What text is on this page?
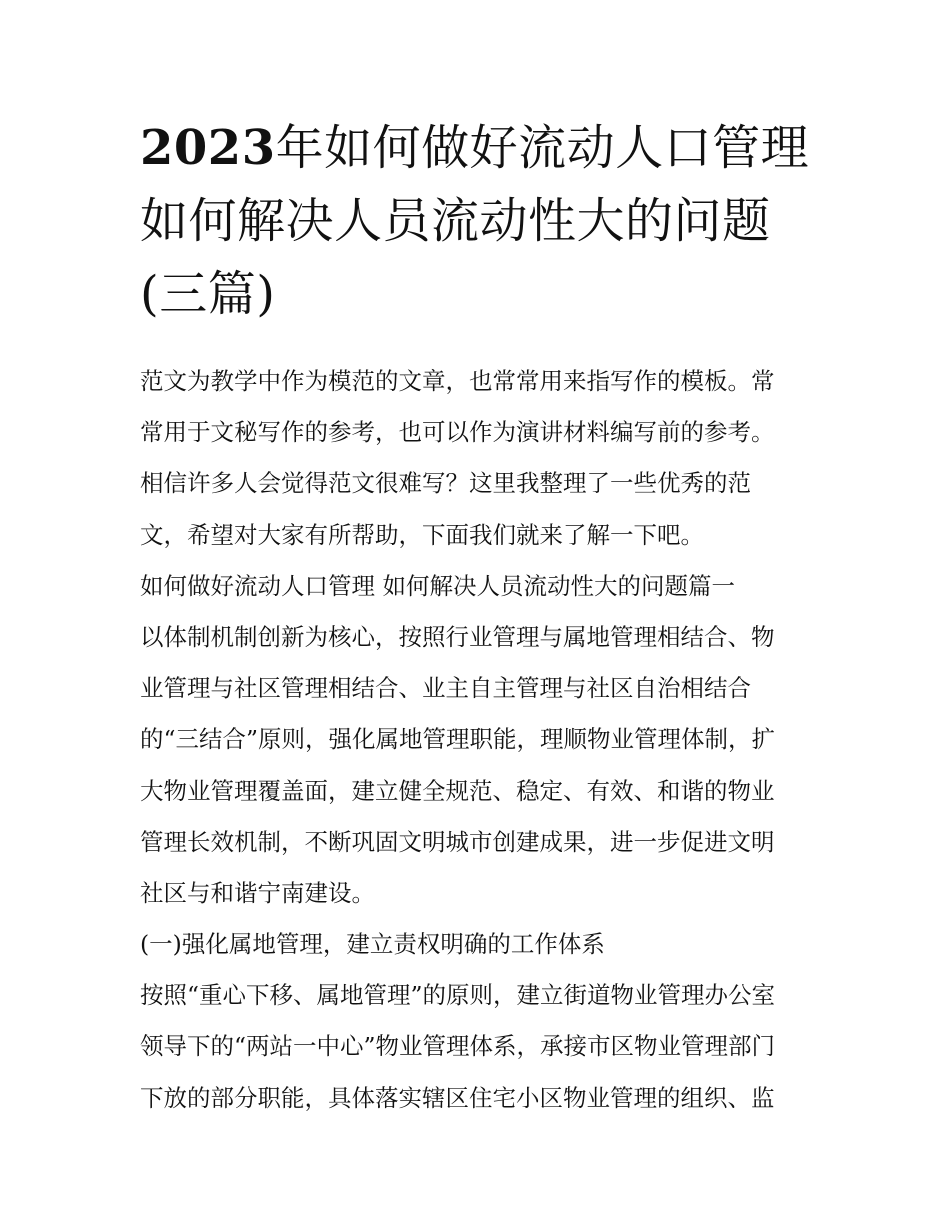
2023年如何做好流动人口管理
如何解决人员流动性大的问题
(三篇)
范文为教学中作为模范的文章，也常常用来指写作的模板。常
常用于文秘写作的参考，也可以作为演讲材料编写前的参考。
相信许多人会觉得范文很难写？这里我整理了一些优秀的范
文，希望对大家有所帮助，下面我们就来了解一下吧。
如何做好流动人口管理 如何解决人员流动性大的问题篇一
以体制机制创新为核心，按照行业管理与属地管理相结合、物
业管理与社区管理相结合、业主自主管理与社区自治相结合
的“三结合”原则，强化属地管理职能，理顺物业管理体制，扩
大物业管理覆盖面，建立健全规范、稳定、有效、和谐的物业
管理长效机制，不断巩固文明城市创建成果，进一步促进文明
社区与和谐宁南建设。
(一)强化属地管理，建立责权明确的工作体系
按照“重心下移、属地管理”的原则，建立街道物业管理办公室
领导下的“两站一中心”物业管理体系，承接市区物业管理部门
下放的部分职能，具体落实辖区住宅小区物业管理的组织、监
